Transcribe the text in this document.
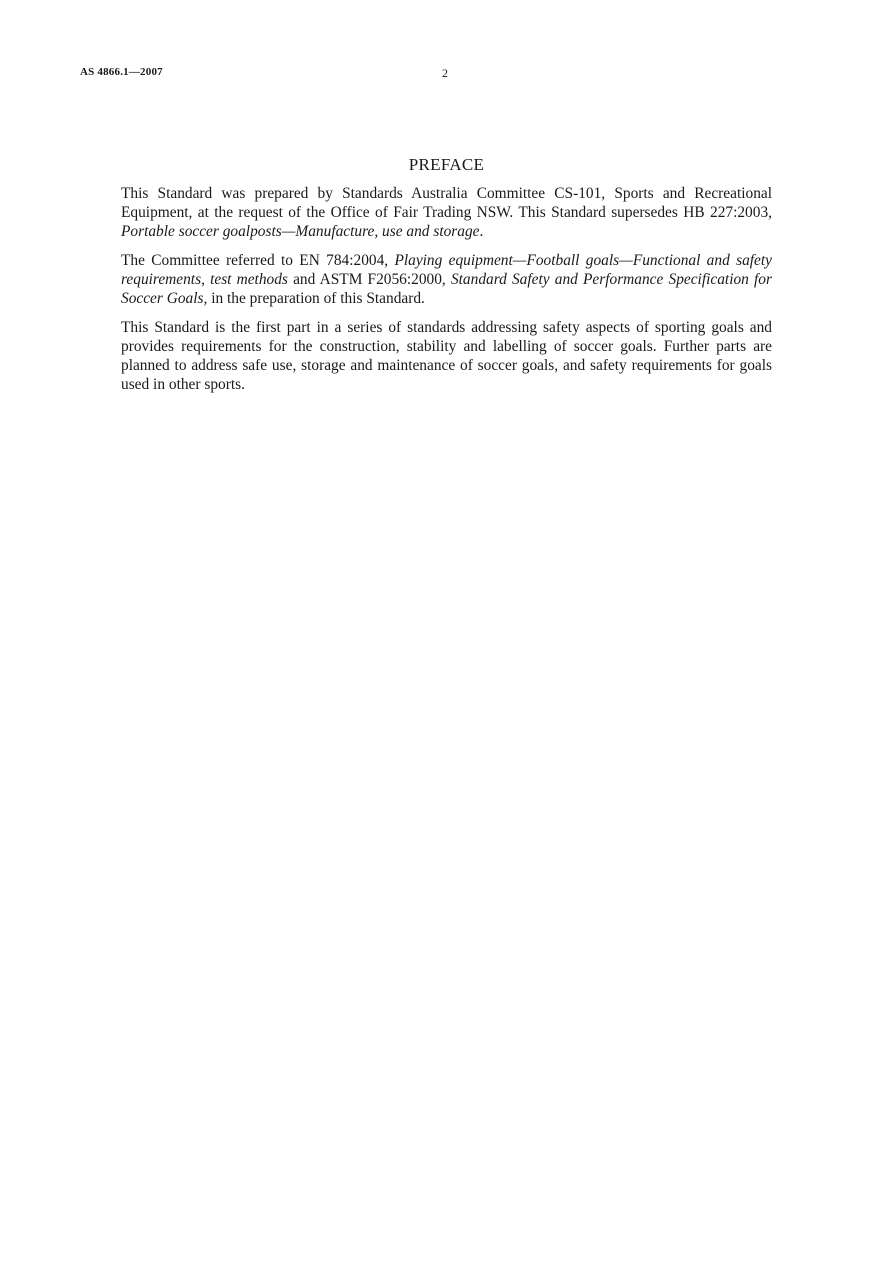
AS 4866.1—2007	2
PREFACE

This Standard was prepared by Standards Australia Committee CS-101, Sports and Recreational Equipment, at the request of the Office of Fair Trading NSW. This Standard supersedes HB 227:2003, Portable soccer goalposts—Manufacture, use and storage.

The Committee referred to EN 784:2004, Playing equipment—Football goals—Functional and safety requirements, test methods and ASTM F2056:2000, Standard Safety and Performance Specification for Soccer Goals, in the preparation of this Standard.

This Standard is the first part in a series of standards addressing safety aspects of sporting goals and provides requirements for the construction, stability and labelling of soccer goals. Further parts are planned to address safe use, storage and maintenance of soccer goals, and safety requirements for goals used in other sports.
